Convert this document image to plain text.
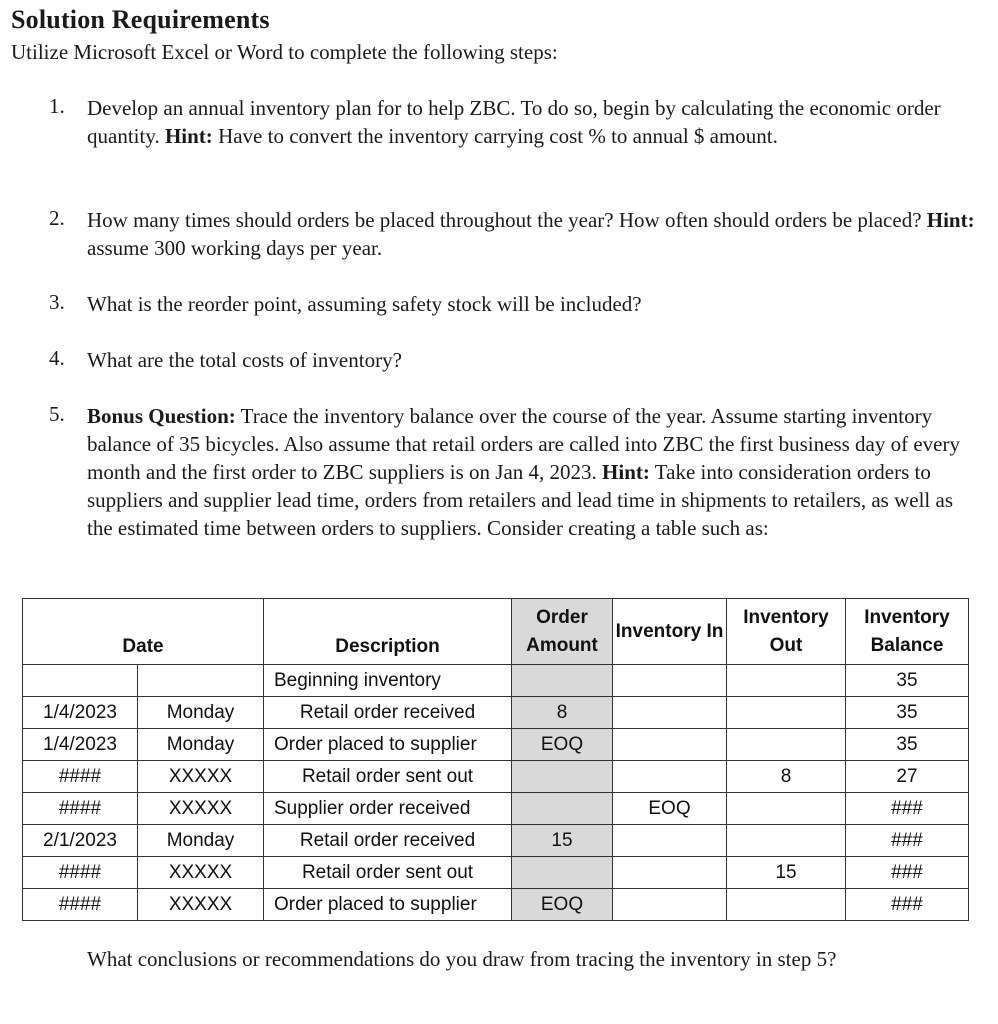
Solution Requirements
Utilize Microsoft Excel or Word to complete the following steps:
1. Develop an annual inventory plan for to help ZBC. To do so, begin by calculating the economic order quantity. Hint: Have to convert the inventory carrying cost % to annual $ amount.
2. How many times should orders be placed throughout the year? How often should orders be placed? Hint: assume 300 working days per year.
3. What is the reorder point, assuming safety stock will be included?
4. What are the total costs of inventory?
5. Bonus Question: Trace the inventory balance over the course of the year. Assume starting inventory balance of 35 bicycles. Also assume that retail orders are called into ZBC the first business day of every month and the first order to ZBC suppliers is on Jan 4, 2023. Hint: Take into consideration orders to suppliers and supplier lead time, orders from retailers and lead time in shipments to retailers, as well as the estimated time between orders to suppliers. Consider creating a table such as:
Date		Description	Order Amount	Inventory In	Inventory Out	Inventory Balance
		Beginning inventory				35
1/4/2023	Monday	Retail order received	8			35
1/4/2023	Monday	Order placed to supplier	EOQ			35
####	XXXXX	Retail order sent out			8	27
####	XXXXX	Supplier order received		EOQ		###
2/1/2023	Monday	Retail order received	15			###
####	XXXXX	Retail order sent out			15	###
####	XXXXX	Order placed to supplier	EOQ			###
What conclusions or recommendations do you draw from tracing the inventory in step 5?
